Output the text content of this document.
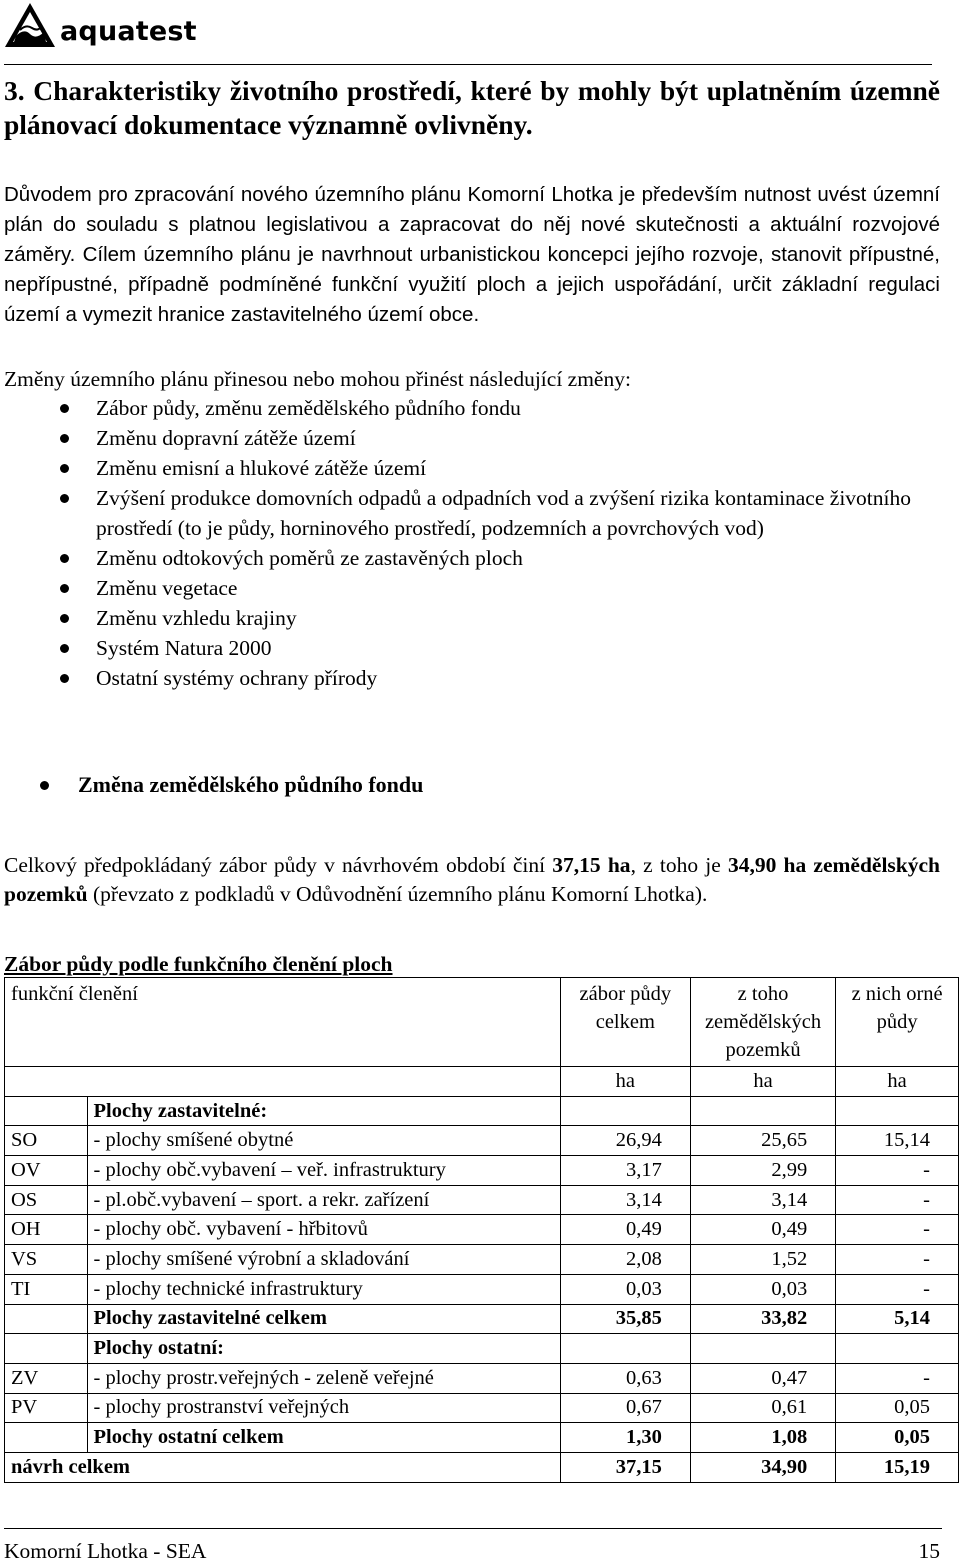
aquatest
3. Charakteristiky životního prostředí, které by mohly být uplatněním územně plánovací dokumentace významně ovlivněny.

Důvodem pro zpracování nového územního plánu Komorní Lhotka je především nutnost uvést územní plán do souladu s platnou legislativou a zapracovat do něj nové skutečnosti a aktuální rozvojové záměry. Cílem územního plánu je navrhnout urbanistickou koncepci jejího rozvoje, stanovit přípustné, nepřípustné, případně podmíněné funkční využití ploch a jejich uspořádání, určit základní regulaci území a vymezit hranice zastavitelného území obce.

Změny územního plánu přinesou nebo mohou přinést následující změny:

Zábor půdy, změnu zemědělského půdního fondu
Změnu dopravní zátěže území
Změnu emisní a hlukové zátěže území
Zvýšení produkce domovních odpadů a odpadních vod a zvýšení rizika kontaminace životního prostředí (to je půdy, horninového prostředí, podzemních a povrchových vod)
Změnu odtokových poměrů ze zastavěných ploch
Změnu vegetace
Změnu vzhledu krajiny
Systém Natura 2000
Ostatní systémy ochrany přírody
Změna zemědělského půdního fondu

Celkový předpokládaný zábor půdy v návrhovém období činí 37,15 ha, z toho je 34,90 ha zemědělských pozemků (převzato z podkladů v Odůvodnění územního plánu Komorní Lhotka).

Zábor půdy podle funkčního členění ploch

funkční členění		zábor půdy celkem	z toho zemědělských pozemků	z nich orné půdy
		ha	ha	ha
	Plochy zastavitelné:			
SO	- plochy smíšené obytné	26,94	25,65	15,14
OV	- plochy obč.vybavení – veř. infrastruktury	3,17	2,99	-
OS	- pl.obč.vybavení – sport. a rekr. zařízení	3,14	3,14	-
OH	- plochy obč. vybavení - hřbitovů	0,49	0,49	-
VS	- plochy smíšené výrobní a skladování	2,08	1,52	-
TI	- plochy technické infrastruktury	0,03	0,03	-
	Plochy zastavitelné celkem	35,85	33,82	5,14
	Plochy ostatní:			
ZV	- plochy prostr.veřejných - zeleně veřejné	0,63	0,47	-
PV	- plochy prostranství veřejných	0,67	0,61	0,05
	Plochy ostatní celkem	1,30	1,08	0,05
návrh celkem		37,15	34,90	15,19
Komorní Lhotka - SEA	15
